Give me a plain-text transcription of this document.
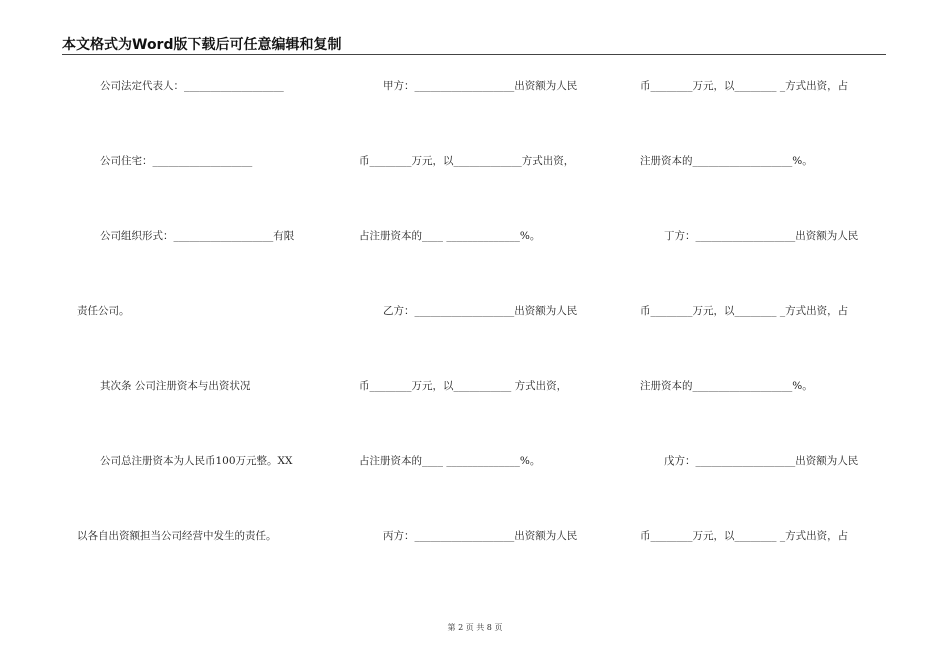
本文格式为Word版下载后可任意编辑和复制
公司法定代表人：___________________
公司住宅：___________________
公司组织形式：___________________有限
责任公司。
其次条 公司注册资本与出资状况
公司总注册资本为人民币100万元整。XX
以各自出资额担当公司经营中发生的责任。
甲方：___________________出资额为人民
币________万元，以_____________方式出资，
占注册资本的____ ______________%。
乙方：___________________出资额为人民
币________万元，以___________ 方式出资，
占注册资本的____ ______________%。
丙方：___________________出资额为人民
币________万元，以________ _方式出资，占
注册资本的___________________%。
丁方：___________________出资额为人民
币________万元，以________ _方式出资，占
注册资本的___________________%。
戊方：___________________出资额为人民
币________万元，以________ _方式出资，占
第 2 页 共 8 页
